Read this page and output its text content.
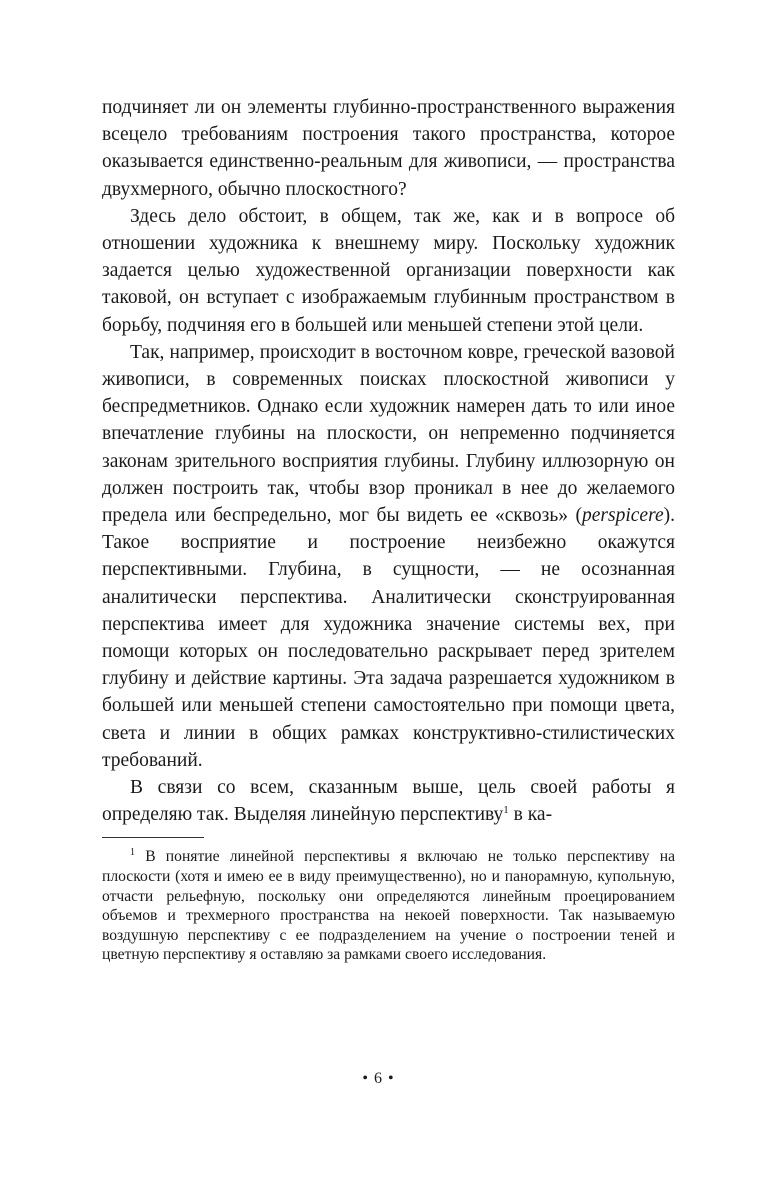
подчиняет ли он элементы глубинно-пространственного выражения всецело требованиям построения такого пространства, которое оказывается единственно-реальным для живописи, — пространства двухмерного, обычно плоскостного?

Здесь дело обстоит, в общем, так же, как и в вопросе об отношении художника к внешнему миру. Поскольку художник задается целью художественной организации поверхности как таковой, он вступает с изображаемым глубинным пространством в борьбу, подчиняя его в большей или меньшей степени этой цели.

Так, например, происходит в восточном ковре, греческой вазовой живописи, в современных поисках плоскостной живописи у беспредметников. Однако если художник намерен дать то или иное впечатление глубины на плоскости, он непременно подчиняется законам зрительного восприятия глубины. Глубину иллюзорную он должен построить так, чтобы взор проникал в нее до желаемого предела или беспредельно, мог бы видеть ее «сквозь» (perspicere). Такое восприятие и построение неизбежно окажутся перспективными. Глубина, в сущности, — не осознанная аналитически перспектива. Аналитически сконструированная перспектива имеет для художника значение системы вех, при помощи которых он последовательно раскрывает перед зрителем глубину и действие картины. Эта задача разрешается художником в большей или меньшей степени самостоятельно при помощи цвета, света и линии в общих рамках конструктивно-стилистических требований.

В связи со всем, сказанным выше, цель своей работы я определяю так. Выделяя линейную перспективу$^1$ в ка-

$^1$ В понятие линейной перспективы я включаю не только перспективу на плоскости (хотя и имею ее в виду преимущественно), но и панорамную, купольную, отчасти рельефную, поскольку они определяются линейным проецированием объемов и трехмерного пространства на некоей поверхности. Так называемую воздушную перспективу с ее подразделением на учение о построении теней и цветную перспективу я оставляю за рамками своего исследования.

• 6 •
